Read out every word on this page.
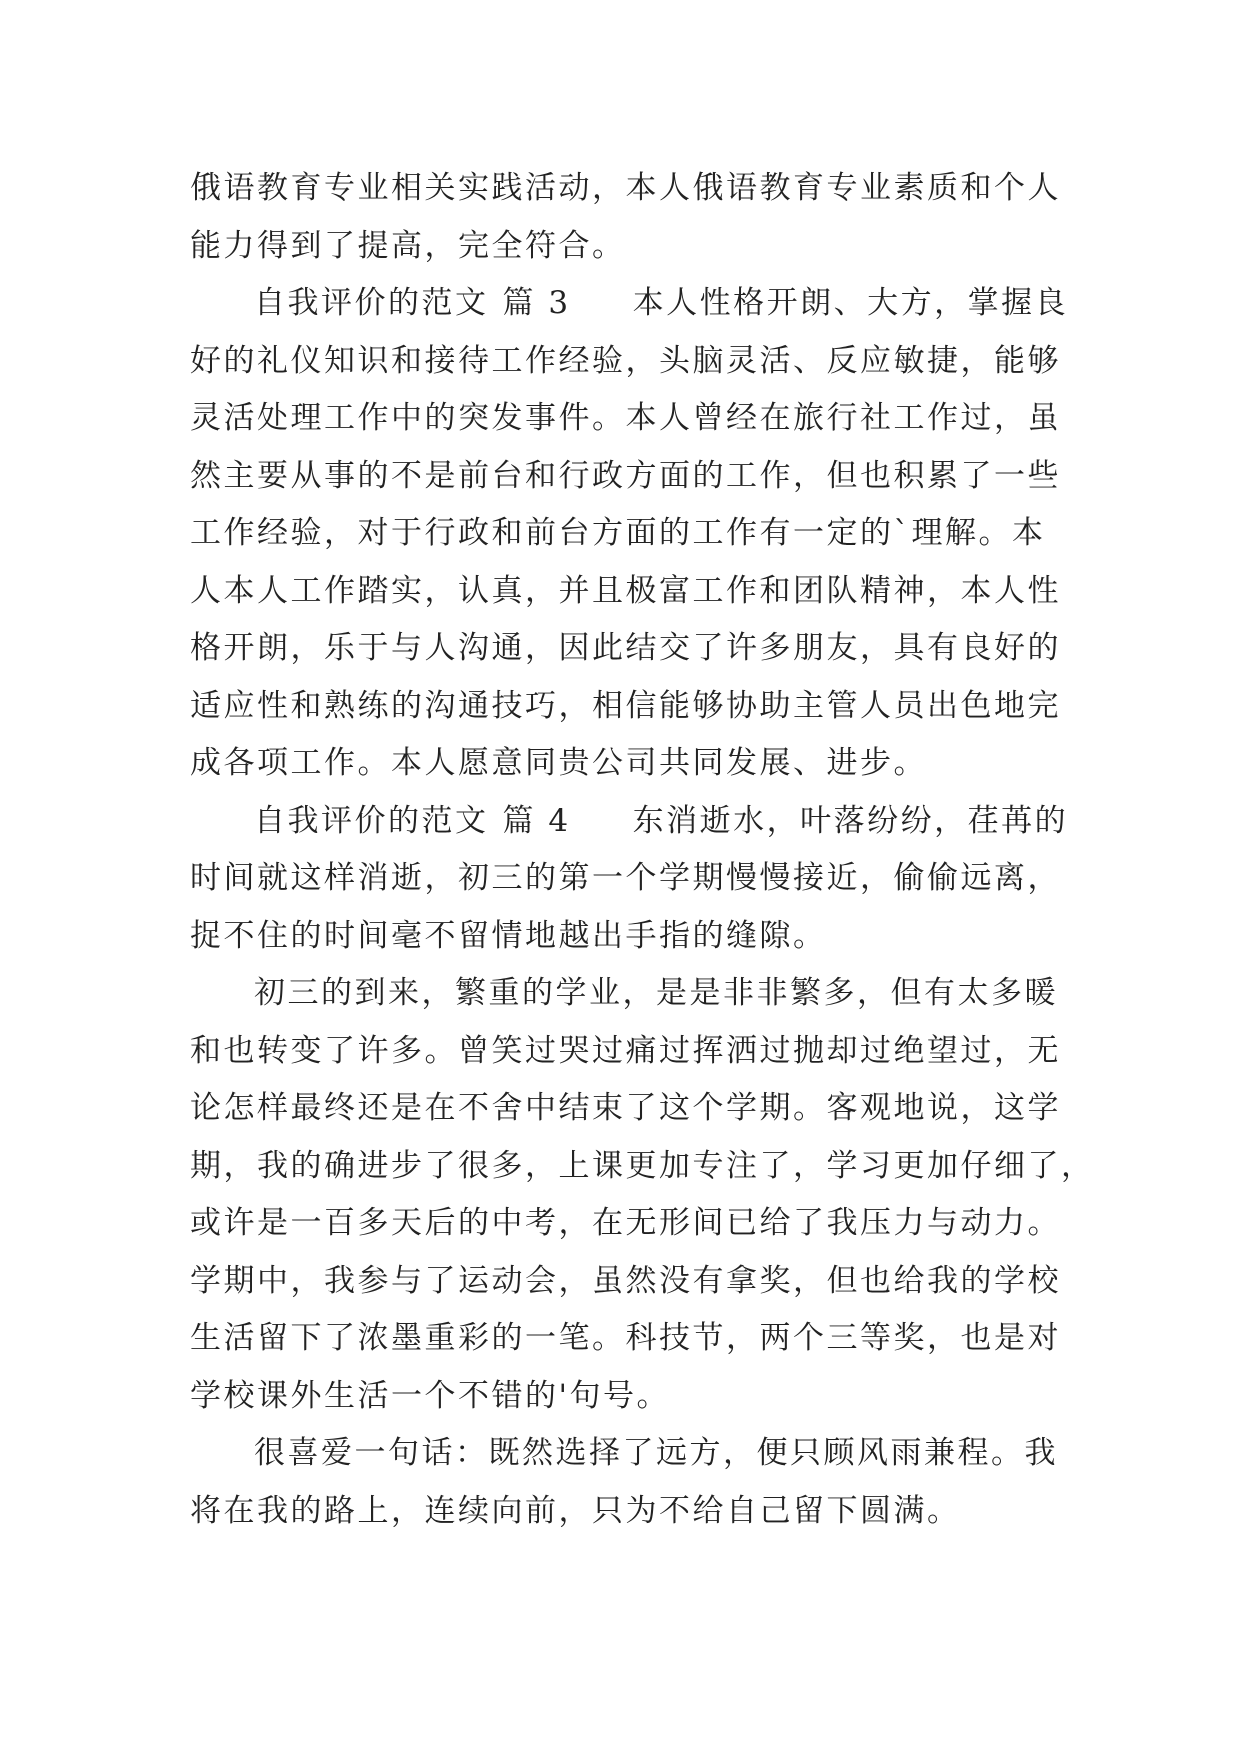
俄语教育专业相关实践活动，本人俄语教育专业素质和个人
能力得到了提高，完全符合。
自我评价的范文 篇 3 本人性格开朗、大方，掌握良
好的礼仪知识和接待工作经验，头脑灵活、反应敏捷，能够
灵活处理工作中的突发事件。本人曾经在旅行社工作过，虽
然主要从事的不是前台和行政方面的工作，但也积累了一些
工作经验，对于行政和前台方面的工作有一定的`理解。本
人本人工作踏实，认真，并且极富工作和团队精神，本人性
格开朗，乐于与人沟通，因此结交了许多朋友，具有良好的
适应性和熟练的沟通技巧，相信能够协助主管人员出色地完
成各项工作。本人愿意同贵公司共同发展、进步。
自我评价的范文 篇 4 东消逝水，叶落纷纷，荏苒的
时间就这样消逝，初三的第一个学期慢慢接近，偷偷远离，
捉不住的时间毫不留情地越出手指的缝隙。
初三的到来，繁重的学业，是是非非繁多，但有太多暖
和也转变了许多。曾笑过哭过痛过挥洒过抛却过绝望过，无
论怎样最终还是在不舍中结束了这个学期。客观地说，这学
期，我的确进步了很多，上课更加专注了，学习更加仔细了，
或许是一百多天后的中考，在无形间已给了我压力与动力。
学期中，我参与了运动会，虽然没有拿奖，但也给我的学校
生活留下了浓墨重彩的一笔。科技节，两个三等奖，也是对
学校课外生活一个不错的'句号。
很喜爱一句话：既然选择了远方，便只顾风雨兼程。我
将在我的路上，连续向前，只为不给自己留下圆满。
